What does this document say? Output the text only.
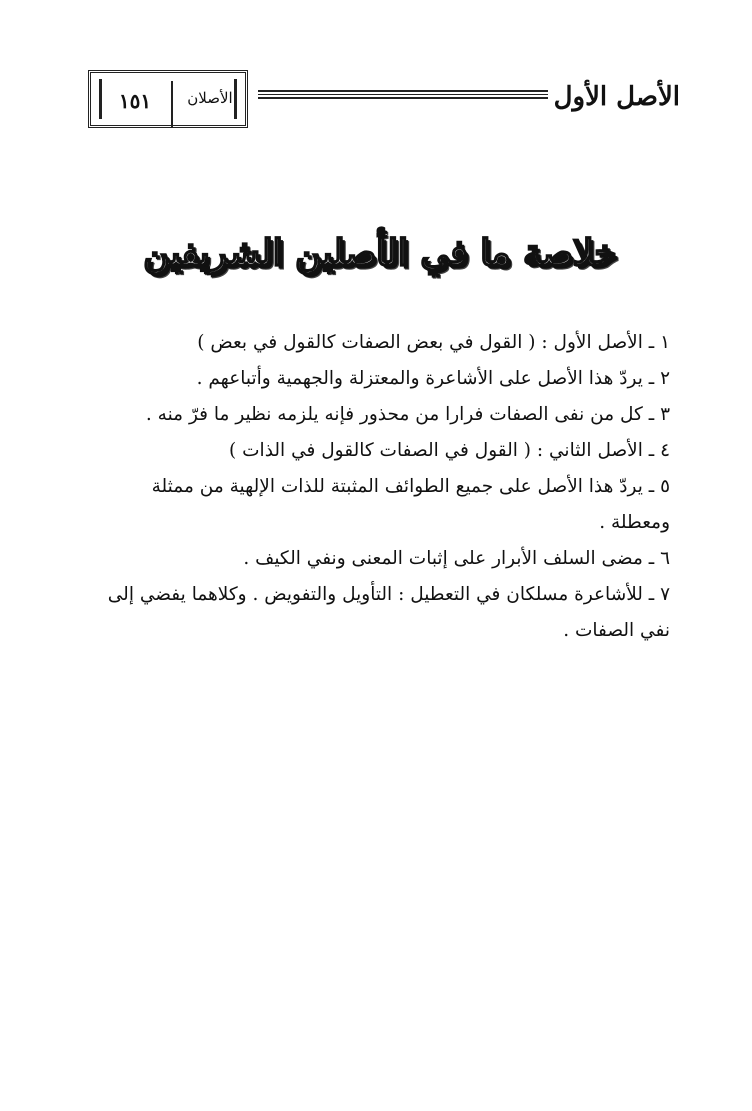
١٥١	الأصلان	الأصل الأول
خلاصة ما في الأصلين الشريفين

١ ـ الأصل الأول : ( القول في بعض الصفات كالقول في بعض )

٢ ـ يردّ هذا الأصل على الأشاعرة والمعتزلة والجهمية وأتباعهم .

٣ ـ كل من نفى الصفات فرارا من محذور فإنه يلزمه نظير ما فرّ منه .

٤ ـ الأصل الثاني : ( القول في الصفات كالقول في الذات )

٥ ـ يردّ هذا الأصل على جميع الطوائف المثبتة للذات الإلهية من ممثلة ومعطلة .

٦ ـ مضى السلف الأبرار على إثبات المعنى ونفي الكيف .

٧ ـ للأشاعرة مسلكان في التعطيل : التأويل والتفويض . وكلاهما يفضي إلى نفي الصفات .
